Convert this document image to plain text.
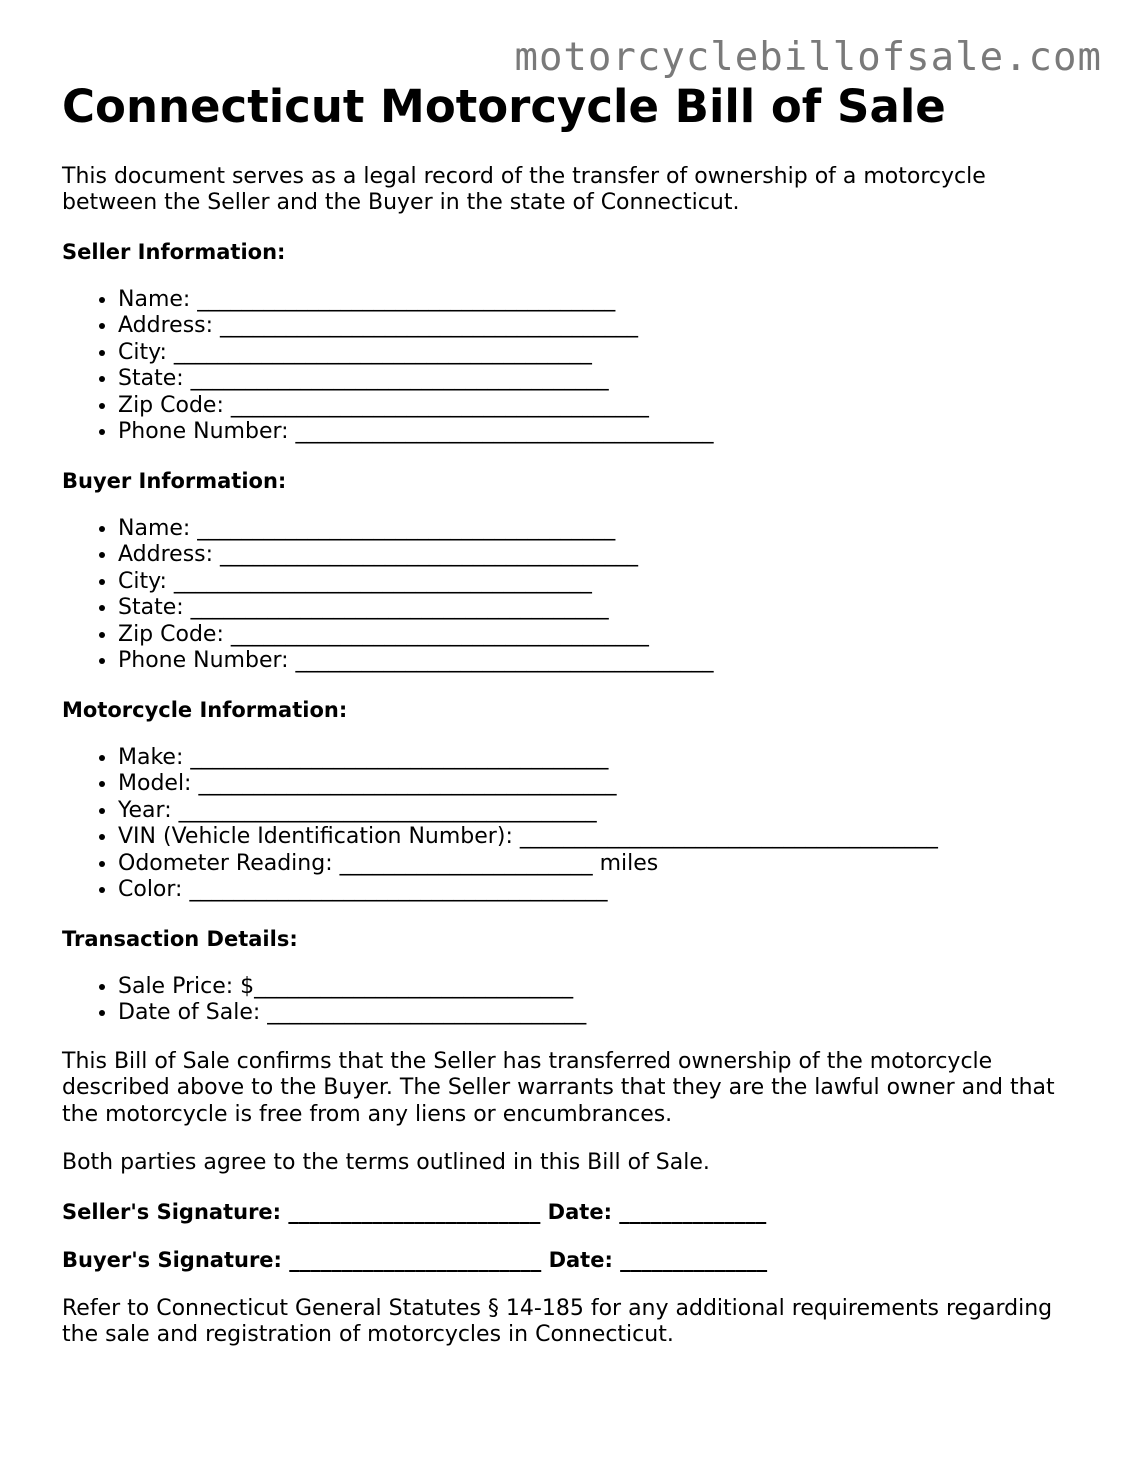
motorcyclebillofsale.com
Connecticut Motorcycle Bill of Sale

This document serves as a legal record of the transfer of ownership of a motorcycle between the Seller and the Buyer in the state of Connecticut.

Seller Information:
• Name: ______________________________________
• Address: ______________________________________
• City: ______________________________________
• State: ______________________________________
• Zip Code: ______________________________________
• Phone Number: ______________________________________
Buyer Information:
• Name: ______________________________________
• Address: ______________________________________
• City: ______________________________________
• State: ______________________________________
• Zip Code: ______________________________________
• Phone Number: ______________________________________
Motorcycle Information:
• Make: ______________________________________
• Model: ______________________________________
• Year: ______________________________________
• VIN (Vehicle Identification Number): ______________________________________
• Odometer Reading: _______________________ miles
• Color: ______________________________________
Transaction Details:
• Sale Price: $_____________________________
• Date of Sale: _____________________________

This Bill of Sale confirms that the Seller has transferred ownership of the motorcycle described above to the Buyer. The Seller warrants that they are the lawful owner and that the motorcycle is free from any liens or encumbrances.

Both parties agree to the terms outlined in this Bill of Sale.

Seller's Signature: ________________________ Date: ______________
Buyer's Signature: ________________________ Date: ______________

Refer to Connecticut General Statutes § 14-185 for any additional requirements regarding the sale and registration of motorcycles in Connecticut.
